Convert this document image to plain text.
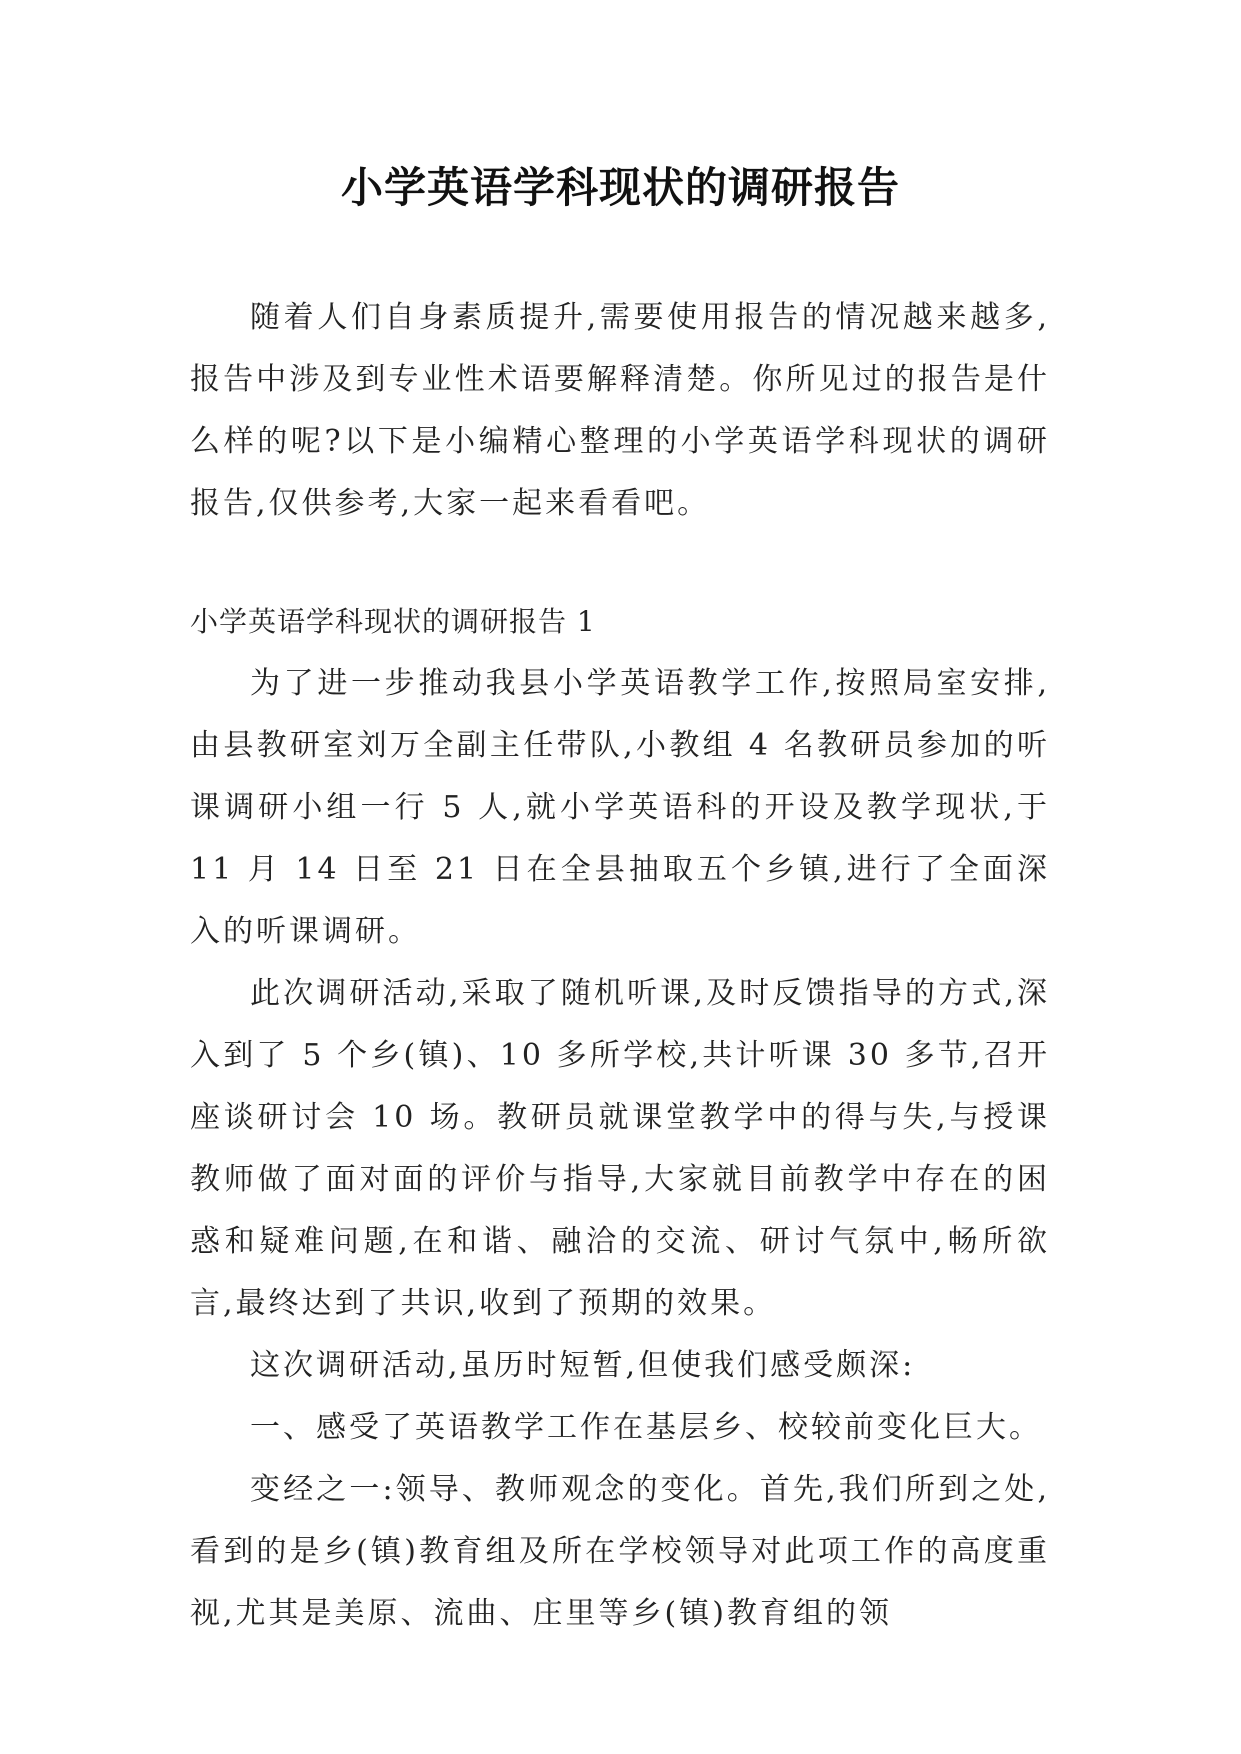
小学英语学科现状的调研报告

随着人们自身素质提升,需要使用报告的情况越来越多,报告中涉及到专业性术语要解释清楚。你所见过的报告是什么样的呢?以下是小编精心整理的小学英语学科现状的调研报告,仅供参考,大家一起来看看吧。

小学英语学科现状的调研报告 1

为了进一步推动我县小学英语教学工作,按照局室安排,由县教研室刘万全副主任带队,小教组 4 名教研员参加的听课调研小组一行 5 人,就小学英语科的开设及教学现状,于 11 月 14 日至 21 日在全县抽取五个乡镇,进行了全面深入的听课调研。

此次调研活动,采取了随机听课,及时反馈指导的方式,深入到了 5 个乡(镇)、10 多所学校,共计听课 30 多节,召开座谈研讨会 10 场。教研员就课堂教学中的得与失,与授课教师做了面对面的评价与指导,大家就目前教学中存在的困惑和疑难问题,在和谐、融洽的交流、研讨气氛中,畅所欲言,最终达到了共识,收到了预期的效果。

这次调研活动,虽历时短暂,但使我们感受颇深:

一、感受了英语教学工作在基层乡、校较前变化巨大。

变经之一:领导、教师观念的变化。首先,我们所到之处,看到的是乡(镇)教育组及所在学校领导对此项工作的高度重视,尤其是美原、流曲、庄里等乡(镇)教育组的领
